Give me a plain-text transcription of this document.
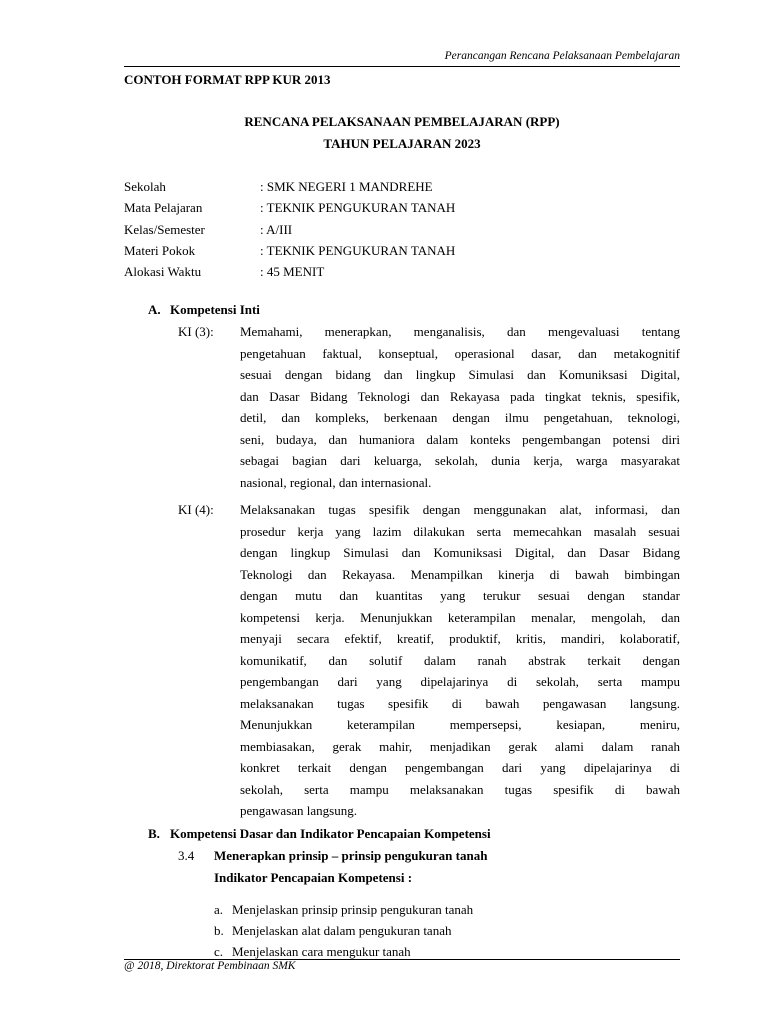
Perancangan Rencana Pelaksanaan Pembelajaran
CONTOH FORMAT RPP KUR 2013
RENCANA PELAKSANAAN PEMBELAJARAN (RPP)
TAHUN PELAJARAN 2023
Sekolah	: SMK NEGERI 1 MANDREHE
Mata Pelajaran	: TEKNIK PENGUKURAN TANAH
Kelas/Semester	: A/III
Materi Pokok	: TEKNIK PENGUKURAN TANAH
Alokasi Waktu	: 45 MENIT
A. Kompetensi Inti
KI (3): Memahami, menerapkan, menganalisis, dan mengevaluasi tentang
pengetahuan faktual, konseptual, operasional dasar, dan metakognitif
sesuai dengan bidang dan lingkup Simulasi dan Komuniksasi Digital,
dan Dasar Bidang Teknologi dan Rekayasa pada tingkat teknis, spesifik,
detil, dan kompleks, berkenaan dengan ilmu pengetahuan, teknologi,
seni, budaya, dan humaniora dalam konteks pengembangan potensi diri
sebagai bagian dari keluarga, sekolah, dunia kerja, warga masyarakat
nasional, regional, dan internasional.
KI (4): Melaksanakan tugas spesifik dengan menggunakan alat, informasi, dan
prosedur kerja yang lazim dilakukan serta memecahkan masalah sesuai
dengan lingkup Simulasi dan Komuniksasi Digital, dan Dasar Bidang
Teknologi dan Rekayasa. Menampilkan kinerja di bawah bimbingan
dengan mutu dan kuantitas yang terukur sesuai dengan standar
kompetensi kerja. Menunjukkan keterampilan menalar, mengolah, dan
menyaji secara efektif, kreatif, produktif, kritis, mandiri, kolaboratif,
komunikatif, dan solutif dalam ranah abstrak terkait dengan
pengembangan dari yang dipelajarinya di sekolah, serta mampu
melaksanakan tugas spesifik di bawah pengawasan langsung.
Menunjukkan keterampilan mempersepsi, kesiapan, meniru,
membiasakan, gerak mahir, menjadikan gerak alami dalam ranah
konkret terkait dengan pengembangan dari yang dipelajarinya di
sekolah, serta mampu melaksanakan tugas spesifik di bawah
pengawasan langsung.
B. Kompetensi Dasar dan Indikator Pencapaian Kompetensi
3.4 Menerapkan prinsip – prinsip pengukuran tanah
Indikator Pencapaian Kompetensi :
a. Menjelaskan prinsip prinsip pengukuran tanah
b. Menjelaskan alat dalam pengukuran tanah
c. Menjelaskan cara mengukur tanah
@ 2018, Direktorat Pembinaan SMK
